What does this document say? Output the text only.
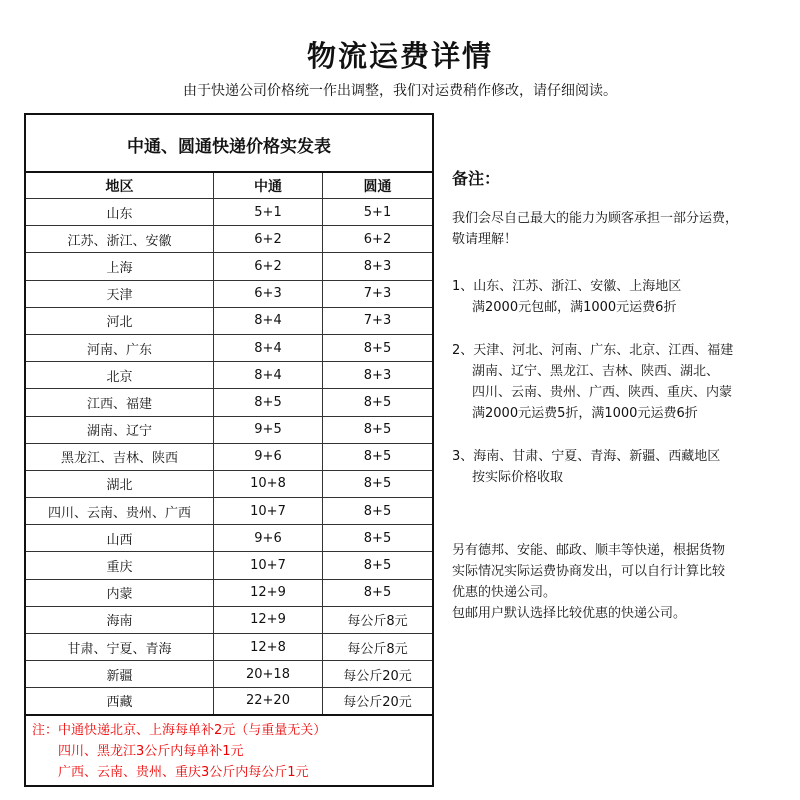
物流运费详情
由于快递公司价格统一作出调整，我们对运费稍作修改，请仔细阅读。
中通、圆通快递价格实发表
地区	中通	圆通
山东	5+1	5+1
江苏、浙江、安徽	6+2	6+2
上海	6+2	8+3
天津	6+3	7+3
河北	8+4	7+3
河南、广东	8+4	8+5
北京	8+4	8+3
江西、福建	8+5	8+5
湖南、辽宁	9+5	8+5
黑龙江、吉林、陕西	9+6	8+5
湖北	10+8	8+5
四川、云南、贵州、广西	10+7	8+5
山西	9+6	8+5
重庆	10+7	8+5
内蒙	12+9	8+5
海南	12+9	每公斤8元
甘肃、宁夏、青海	12+8	每公斤8元
新疆	20+18	每公斤20元
西藏	22+20	每公斤20元
注：中通快递北京、上海每单补2元（与重量无关）
四川、黑龙江3公斤内每单补1元
广西、云南、贵州、重庆3公斤内每公斤1元
备注：
我们会尽自己最大的能力为顾客承担一部分运费，
敬请理解！
1、山东、江苏、浙江、安徽、上海地区
满2000元包邮，满1000元运费6折
2、天津、河北、河南、广东、北京、江西、福建
湖南、辽宁、黑龙江、吉林、陕西、湖北、
四川、云南、贵州、广西、陕西、重庆、内蒙
满2000元运费5折，满1000元运费6折
3、海南、甘肃、宁夏、青海、新疆、西藏地区
按实际价格收取
另有德邦、安能、邮政、顺丰等快递，根据货物
实际情况实际运费协商发出，可以自行计算比较
优惠的快递公司。
包邮用户默认选择比较优惠的快递公司。
